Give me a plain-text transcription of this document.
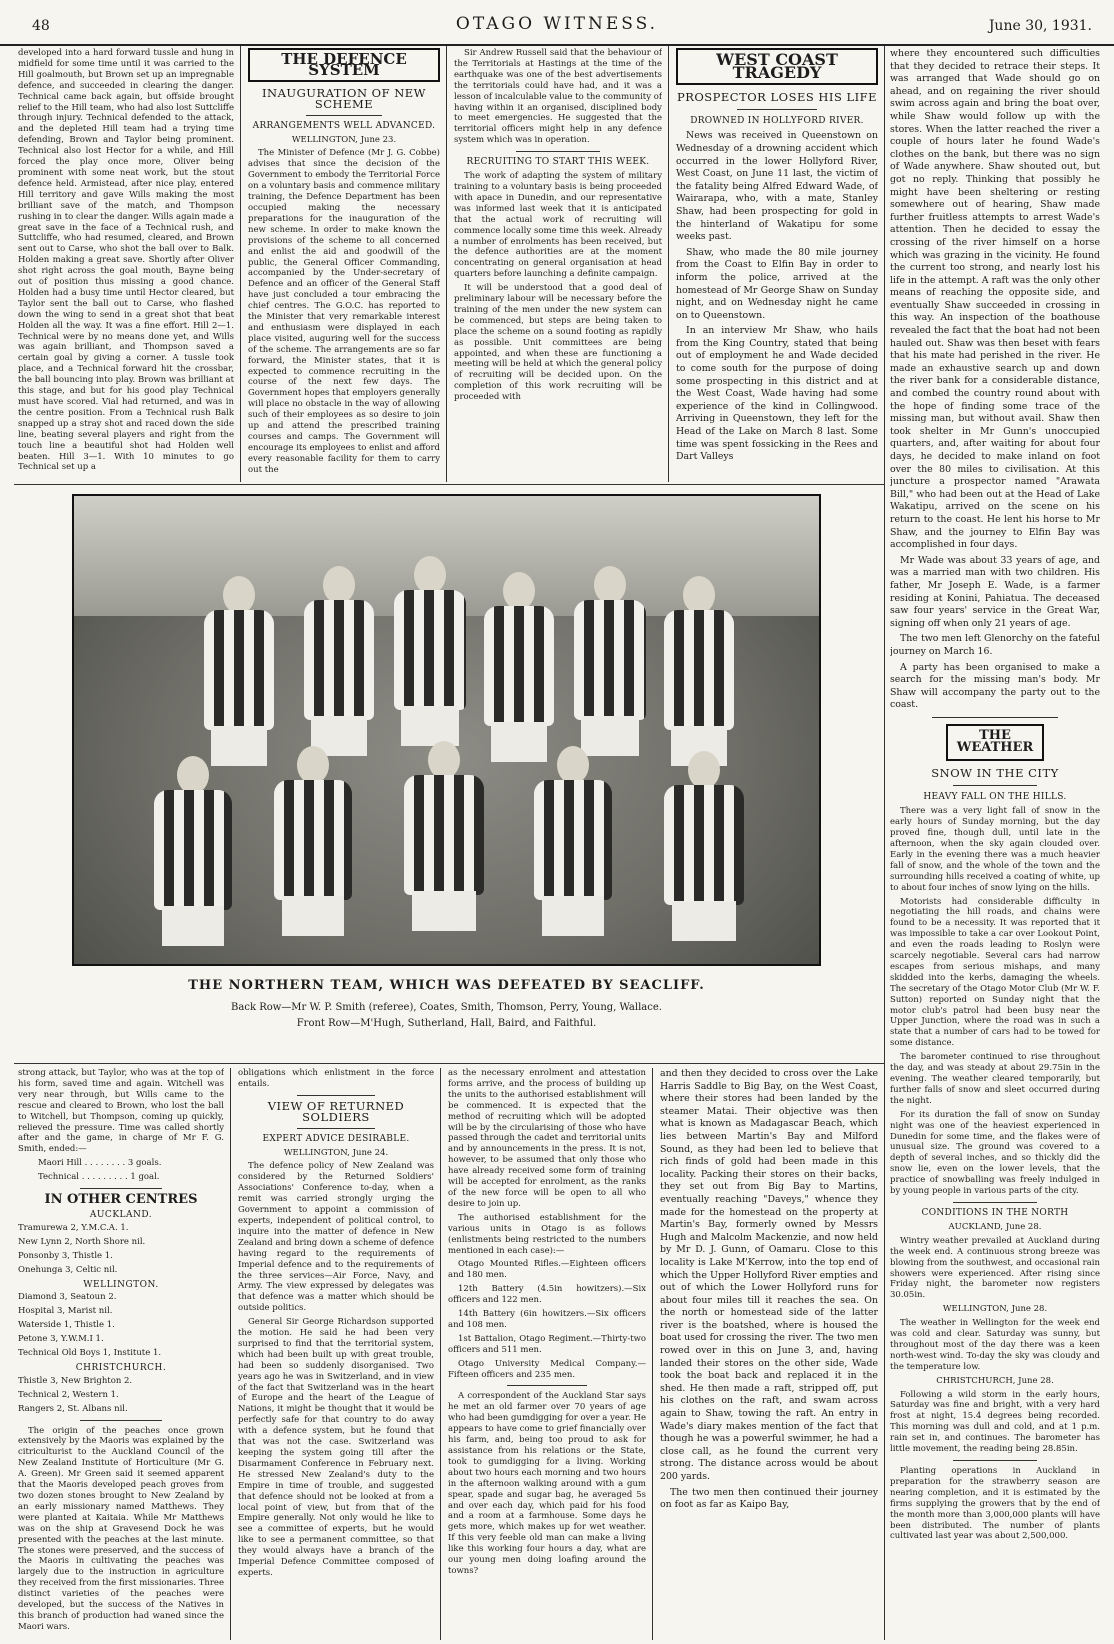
48	OTAGO WITNESS.	June 30, 1931.

developed into a hard forward tussle and hung in midfield for some time until it was carried to the Hill goalmouth, but Brown set up an impregnable defence, and succeeded in clearing the danger. Technical came back again, but offside brought relief to the Hill team, who had also lost Suttcliffe through injury. Technical defended to the attack, and the depleted Hill team had a trying time defending, Brown and Taylor being prominent. Technical also lost Hector for a while, and Hill forced the play once more, Oliver being prominent with some neat work, but the stout defence held. Armistead, after nice play, entered Hill territory and gave Wills making the most brilliant save of the match, and Thompson rushing in to clear the danger. Wills again made a great save in the face of a Technical rush, and Suttcliffe, who had resumed, cleared, and Brown sent out to Carse, who shot the ball over to Balk. Holden making a great save. Shortly after Oliver shot right across the goal mouth, Bayne being out of position thus missing a good chance. Holden had a busy time until Hector cleared, but Taylor sent the ball out to Carse, who flashed down the wing to send in a great shot that beat Holden all the way. It was a fine effort. Hill 2—1. Technical were by no means done yet, and Wills was again brilliant, and Thompson saved a certain goal by giving a corner. A tussle took place, and a Technical forward hit the crossbar, the ball bouncing into play. Brown was brilliant at this stage, and but for his good play Technical must have scored. Vial had returned, and was in the centre position. From a Technical rush Balk snapped up a stray shot and raced down the side line, beating several players and right from the touch line a beautiful shot had Holden well beaten. Hill 3—1. With 10 minutes to go Technical set up a

THE DEFENCE SYSTEM
INAUGURATION OF NEW SCHEME
ARRANGEMENTS WELL ADVANCED.

WELLINGTON, June 23.

The Minister of Defence (Mr J. G. Cobbe) advises that since the decision of the Government to embody the Territorial Force on a voluntary basis and commence military training, the Defence Department has been occupied making the necessary preparations for the inauguration of the new scheme. In order to make known the provisions of the scheme to all concerned and enlist the aid and goodwill of the public, the General Officer Commanding, accompanied by the Under-secretary of Defence and an officer of the General Staff have just concluded a tour embracing the chief centres. The G.O.C. has reported to the Minister that very remarkable interest and enthusiasm were displayed in each place visited, auguring well for the success of the scheme. The arrangements are so far forward, the Minister states, that it is expected to commence recruiting in the course of the next few days. The Government hopes that employers generally will place no obstacle in the way of allowing such of their employees as so desire to join up and attend the prescribed training courses and camps. The Government will encourage its employees to enlist and afford every reasonable facility for them to carry out the

Sir Andrew Russell said that the behaviour of the Territorials at Hastings at the time of the earthquake was one of the best advertisements the territorials could have had, and it was a lesson of incalculable value to the community of having within it an organised, disciplined body to meet emergencies. He suggested that the territorial officers might help in any defence system which was in operation.

RECRUITING TO START THIS WEEK.

The work of adapting the system of military training to a voluntary basis is being proceeded with apace in Dunedin, and our representative was informed last week that it is anticipated that the actual work of recruiting will commence locally some time this week. Already a number of enrolments has been received, but the defence authorities are at the moment concentrating on general organisation at head quarters before launching a definite campaign.

It will be understood that a good deal of preliminary labour will be necessary before the training of the men under the new system can be commenced, but steps are being taken to place the scheme on a sound footing as rapidly as possible. Unit committees are being appointed, and when these are functioning a meeting will be held at which the general policy of recruiting will be decided upon. On the completion of this work recruiting will be proceeded with

WEST COAST TRAGEDY
PROSPECTOR LOSES HIS LIFE
DROWNED IN HOLLYFORD RIVER.

News was received in Queenstown on Wednesday of a drowning accident which occurred in the lower Hollyford River, West Coast, on June 11 last, the victim of the fatality being Alfred Edward Wade, of Wairarapa, who, with a mate, Stanley Shaw, had been prospecting for gold in the hinterland of Wakatipu for some weeks past.

Shaw, who made the 80 mile journey from the Coast to Elfin Bay in order to inform the police, arrived at the homestead of Mr George Shaw on Sunday night, and on Wednesday night he came on to Queenstown.

In an interview Mr Shaw, who hails from the King Country, stated that being out of employment he and Wade decided to come south for the purpose of doing some prospecting in this district and at the West Coast, Wade having had some experience of the kind in Collingwood. Arriving in Queenstown, they left for the Head of the Lake on March 8 last. Some time was spent fossicking in the Rees and Dart Valleys

where they encountered such difficulties that they decided to retrace their steps. It was arranged that Wade should go on ahead, and on regaining the river should swim across again and bring the boat over, while Shaw would follow up with the stores. When the latter reached the river a couple of hours later he found Wade's clothes on the bank, but there was no sign of Wade anywhere. Shaw shouted out, but got no reply. Thinking that possibly he might have been sheltering or resting somewhere out of hearing, Shaw made further fruitless attempts to arrest Wade's attention. Then he decided to essay the crossing of the river himself on a horse which was grazing in the vicinity. He found the current too strong, and nearly lost his life in the attempt. A raft was the only other means of reaching the opposite side, and eventually Shaw succeeded in crossing in this way. An inspection of the boathouse revealed the fact that the boat had not been hauled out. Shaw was then beset with fears that his mate had perished in the river. He made an exhaustive search up and down the river bank for a considerable distance, and combed the country round about with the hope of finding some trace of the missing man, but without avail. Shaw then took shelter in Mr Gunn's unoccupied quarters, and, after waiting for about four days, he decided to make inland on foot over the 80 miles to civilisation. At this juncture a prospector named "Arawata Bill," who had been out at the Head of Lake Wakatipu, arrived on the scene on his return to the coast. He lent his horse to Mr Shaw, and the journey to Elfin Bay was accomplished in four days.

Mr Wade was about 33 years of age, and was a married man with two children. His father, Mr Joseph E. Wade, is a farmer residing at Konini, Pahiatua. The deceased saw four years' service in the Great War, signing off when only 21 years of age.

The two men left Glenorchy on the fateful journey on March 16.

A party has been organised to make a search for the missing man's body. Mr Shaw will accompany the party out to the coast.

THE WEATHER
SNOW IN THE CITY
HEAVY FALL ON THE HILLS.

There was a very light fall of snow in the early hours of Sunday morning, but the day proved fine, though dull, until late in the afternoon, when the sky again clouded over. Early in the evening there was a much heavier fall of snow, and the whole of the town and the surrounding hills received a coating of white, up to about four inches of snow lying on the hills.

Motorists had considerable difficulty in negotiating the hill roads, and chains were found to be a necessity. It was reported that it was impossible to take a car over Lookout Point, and even the roads leading to Roslyn were scarcely negotiable. Several cars had narrow escapes from serious mishaps, and many skidded into the kerbs, damaging the wheels. The secretary of the Otago Motor Club (Mr W. F. Sutton) reported on Sunday night that the motor club's patrol had been busy near the Upper Junction, where the road was in such a state that a number of cars had to be towed for some distance.

The barometer continued to rise throughout the day, and was steady at about 29.75in in the evening. The weather cleared temporarily, but further falls of snow and sleet occurred during the night.

For its duration the fall of snow on Sunday night was one of the heaviest experienced in Dunedin for some time, and the flakes were of unusual size. The ground was covered to a depth of several inches, and so thickly did the snow lie, even on the lower levels, that the practice of snowballing was freely indulged in by young people in various parts of the city.

CONDITIONS IN THE NORTH

AUCKLAND, June 28.

Wintry weather prevailed at Auckland during the week end. A continuous strong breeze was blowing from the southwest, and occasional rain showers were experienced. After rising since Friday night, the barometer now registers 30.05in.

WELLINGTON, June 28.

The weather in Wellington for the week end was cold and clear. Saturday was sunny, but throughout most of the day there was a keen north-west wind. To-day the sky was cloudy and the temperature low.

CHRISTCHURCH, June 28.

Following a wild storm in the early hours, Saturday was fine and bright, with a very hard frost at night, 15.4 degrees being recorded. This morning was dull and cold, and at 1 p.m. rain set in, and continues. The barometer has little movement, the reading being 28.85in.

Planting operations in Auckland in preparation for the strawberry season are nearing completion, and it is estimated by the firms supplying the growers that by the end of the month more than 3,000,000 plants will have been distributed. The number of plants cultivated last year was about 2,500,000.

THE NORTHERN TEAM, WHICH WAS DEFEATED BY SEACLIFF.
Back Row—Mr W. P. Smith (referee), Coates, Smith, Thomson, Perry, Young, Wallace.
Front Row—M'Hugh, Sutherland, Hall, Baird, and Faithful.

strong attack, but Taylor, who was at the top of his form, saved time and again. Witchell was very near through, but Wills came to the rescue and cleared to Brown, who lost the ball to Witchell, but Thompson, coming up quickly, relieved the pressure. Time was called shortly after and the game, in charge of Mr F. G. Smith, ended:—

Maori Hill . . . . . . . . 3 goals.

Technical . . . . . . . . . 1 goal.

IN OTHER CENTRES
AUCKLAND.

Tramurewa 2, Y.M.C.A. 1.

New Lynn 2, North Shore nil.

Ponsonby 3, Thistle 1.

Onehunga 3, Celtic nil.

WELLINGTON.

Diamond 3, Seatoun 2.

Hospital 3, Marist nil.

Waterside 1, Thistle 1.

Petone 3, Y.W.M.I 1.

Technical Old Boys 1, Institute 1.

CHRISTCHURCH.

Thistle 3, New Brighton 2.

Technical 2, Western 1.

Rangers 2, St. Albans nil.

The origin of the peaches once grown extensively by the Maoris was explained by the citriculturist to the Auckland Council of the New Zealand Institute of Horticulture (Mr G. A. Green). Mr Green said it seemed apparent that the Maoris developed peach groves from two dozen stones brought to New Zealand by an early missionary named Matthews. They were planted at Kaitaia. While Mr Matthews was on the ship at Gravesend Dock he was presented with the peaches at the last minute. The stones were preserved, and the success of the Maoris in cultivating the peaches was largely due to the instruction in agriculture they received from the first missionaries. Three distinct varieties of the peaches were developed, but the success of the Natives in this branch of production had waned since the Maori wars.

obligations which enlistment in the force entails.

VIEW OF RETURNED SOLDIERS
EXPERT ADVICE DESIRABLE.

WELLINGTON, June 24.

The defence policy of New Zealand was considered by the Returned Soldiers' Associations' Conference to-day, when a remit was carried strongly urging the Government to appoint a commission of experts, independent of political control, to inquire into the matter of defence in New Zealand and bring down a scheme of defence having regard to the requirements of Imperial defence and to the requirements of the three services—Air Force, Navy, and Army. The view expressed by delegates was that defence was a matter which should be outside politics.

General Sir George Richardson supported the motion. He said he had been very surprised to find that the territorial system, which had been built up with great trouble, had been so suddenly disorganised. Two years ago he was in Switzerland, and in view of the fact that Switzerland was in the heart of Europe and the heart of the League of Nations, it might be thought that it would be perfectly safe for that country to do away with a defence system, but he found that that was not the case. Switzerland was keeping the system going till after the Disarmament Conference in February next. He stressed New Zealand's duty to the Empire in time of trouble, and suggested that defence should not be looked at from a local point of view, but from that of the Empire generally. Not only would he like to see a committee of experts, but he would like to see a permanent committee, so that they would always have a branch of the Imperial Defence Committee composed of experts.

as the necessary enrolment and attestation forms arrive, and the process of building up the units to the authorised establishment will be commenced. It is expected that the method of recruiting which will be adopted will be by the circularising of those who have passed through the cadet and territorial units and by announcements in the press. It is not, however, to be assumed that only those who have already received some form of training will be accepted for enrolment, as the ranks of the new force will be open to all who desire to join up.

The authorised establishment for the various units in Otago is as follows (enlistments being restricted to the numbers mentioned in each case):—

Otago Mounted Rifles.—Eighteen officers and 180 men.

12th Battery (4.5in howitzers).—Six officers and 122 men.

14th Battery (6in howitzers.—Six officers and 108 men.

1st Battalion, Otago Regiment.—Thirty-two officers and 511 men.

Otago University Medical Company.—Fifteen officers and 235 men.

A correspondent of the Auckland Star says he met an old farmer over 70 years of age who had been gumdigging for over a year. He appears to have come to grief financially over his farm, and, being too proud to ask for assistance from his relations or the State, took to gumdigging for a living. Working about two hours each morning and two hours in the afternoon walking around with a gum spear, spade and sugar bag, he averaged 5s and over each day, which paid for his food and a room at a farmhouse. Some days he gets more, which makes up for wet weather. If this very feeble old man can make a living like this working four hours a day, what are our young men doing loafing around the towns?

and then they decided to cross over the Lake Harris Saddle to Big Bay, on the West Coast, where their stores had been landed by the steamer Matai. Their objective was then what is known as Madagascar Beach, which lies between Martin's Bay and Milford Sound, as they had been led to believe that rich finds of gold had been made in this locality. Packing their stores on their backs, they set out from Big Bay to Martins, eventually reaching "Daveys," whence they made for the homestead on the property at Martin's Bay, formerly owned by Messrs Hugh and Malcolm Mackenzie, and now held by Mr D. J. Gunn, of Oamaru. Close to this locality is Lake M'Kerrow, into the top end of which the Upper Hollyford River empties and out of which the Lower Hollyford runs for about four miles till it reaches the sea. On the north or homestead side of the latter river is the boatshed, where is housed the boat used for crossing the river. The two men rowed over in this on June 3, and, having landed their stores on the other side, Wade took the boat back and replaced it in the shed. He then made a raft, stripped off, put his clothes on the raft, and swam across again to Shaw, towing the raft. An entry in Wade's diary makes mention of the fact that though he was a powerful swimmer, he had a close call, as he found the current very strong. The distance across would be about 200 yards.

The two men then continued their journey on foot as far as Kaipo Bay,
